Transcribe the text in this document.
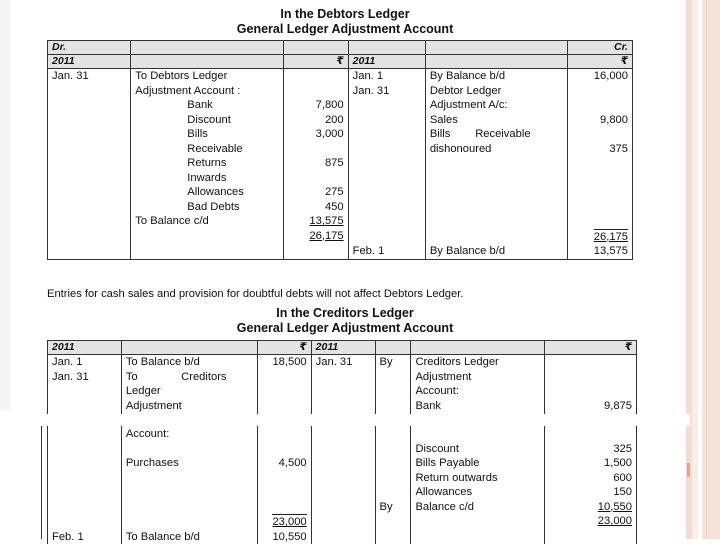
In the Debtors Ledger
General Ledger Adjustment Account
Dr.					Cr.
2011		₹	2011		₹
Jan. 31	To Debtors Ledger		Jan. 1	By Balance b/d	16,000
	Adjustment Account :		Jan. 31	Debtor Ledger	
	Bank	7,800		Adjustment A/c:	
	Discount	200		Sales	9,800
	Bills	3,000		Bills        Receivable	
	Receivable			dishonoured	375
	Returns	875			
	Inwards				
	Allowances	275			
	Bad Debts	450			
	To Balance c/d	13,575			
		26,175			26,175
			Feb. 1	By Balance b/d	13,575
Entries for cash sales and provision for doubtful debts will not affect Debtors Ledger.
In the Creditors Ledger
General Ledger Adjustment Account
2011		₹	2011			₹
Jan. 1	To Balance b/d	18,500	Jan. 31	By	Creditors Ledger	
Jan. 31	To              Creditors				Adjustment	
	Ledger				Account:	
	Adjustment				Bank	9,875

	Account:					
					Discount	325
	Purchases	4,500			Bills Payable	1,500
					Return outwards	600
					Allowances	150
				By	Balance c/d	10,550
		23,000				23,000
Feb. 1	To Balance b/d	10,550				
